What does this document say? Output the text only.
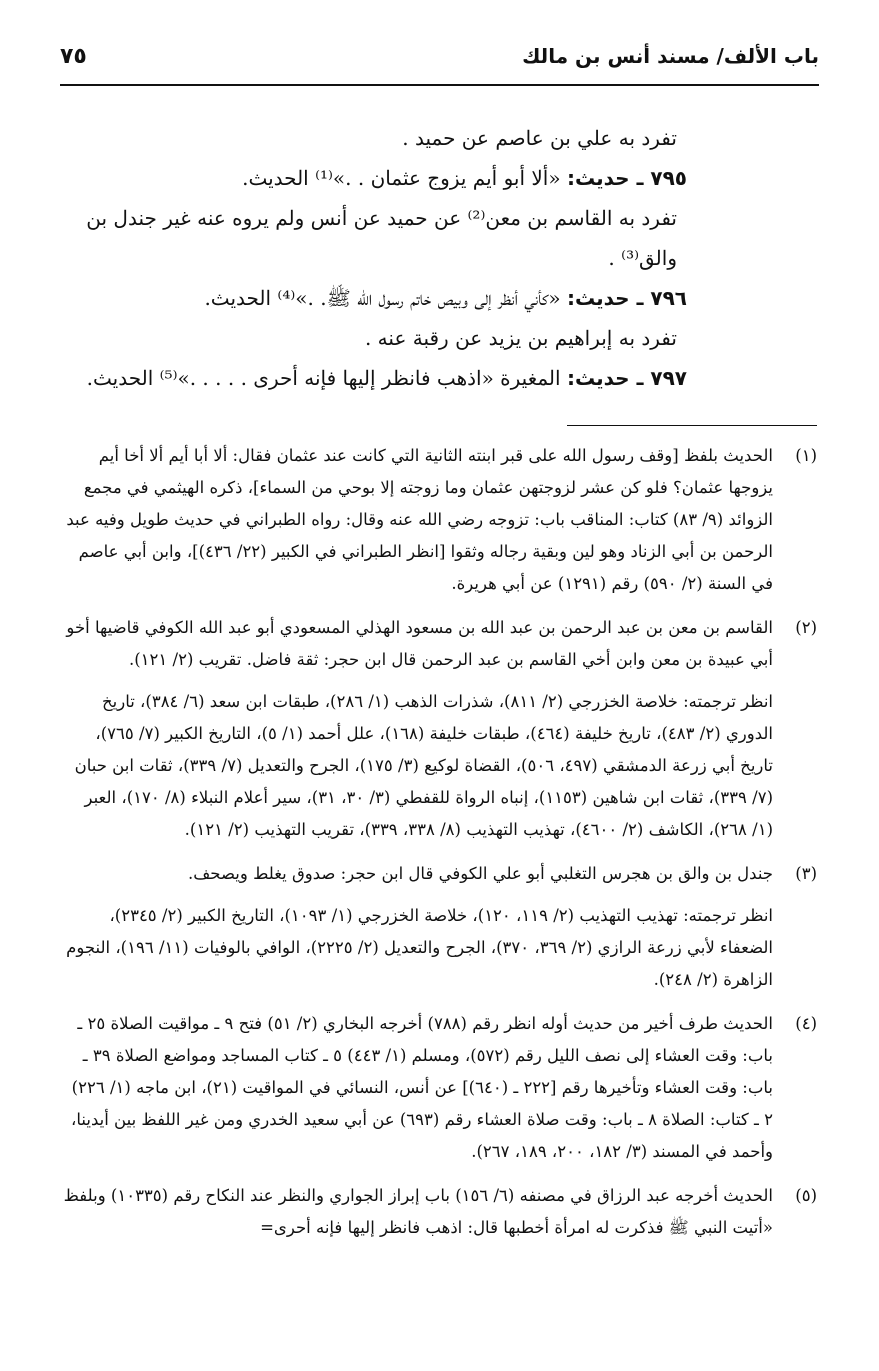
باب الألف/ مسند أنس بن مالك
٧٥

تفرد به علي بن عاصم عن حميد .

٧٩٥ ـ حديث: «ألا أبو أيم يزوج عثمان . .»⁽¹⁾ الحديث.

تفرد به القاسم بن معن⁽²⁾ عن حميد عن أنس ولم يروه عنه غير جندل بن والق⁽³⁾ .

٧٩٦ ـ حديث: «كأني أنظر إلى وبيص خاتم رسول الله ﷺ. .»⁽⁴⁾ الحديث.

تفرد به إبراهيم بن يزيد عن رقبة عنه .

٧٩٧ ـ حديث: المغيرة «اذهب فانظر إليها فإنه أحرى . . . . .»⁽⁵⁾ الحديث.

(١)

الحديث بلفظ [وقف رسول الله على قبر ابنته الثانية التي كانت عند عثمان فقال: ألا أبا أيم ألا أخا أيم يزوجها عثمان؟ فلو كن عشر لزوجتهن عثمان وما زوجته إلا بوحي من السماء]، ذكره الهيثمي في مجمع الزوائد (٩/ ٨٣) كتاب: المناقب باب: تزوجه رضي الله عنه وقال: رواه الطبراني في حديث طويل وفيه عبد الرحمن بن أبي الزناد وهو لين وبقية رجاله وثقوا [انظر الطبراني في الكبير (٢٢/ ٤٣٦)]، وابن أبي عاصم في السنة (٢/ ٥٩٠) رقم (١٢٩١) عن أبي هريرة.

(٢)

القاسم بن معن بن عبد الرحمن بن عبد الله بن مسعود الهذلي المسعودي أبو عبد الله الكوفي قاضيها أخو أبي عبيدة بن معن وابن أخي القاسم بن عبد الرحمن قال ابن حجر: ثقة فاضل. تقريب (٢/ ١٢١).

انظر ترجمته: خلاصة الخزرجي (٢/ ٨١١)، شذرات الذهب (١/ ٢٨٦)، طبقات ابن سعد (٦/ ٣٨٤)، تاريخ الدوري (٢/ ٤٨٣)، تاريخ خليفة (٤٦٤)، طبقات خليفة (١٦٨)، علل أحمد (١/ ٥)، التاريخ الكبير (٧/ ٧٦٥)، تاريخ أبي زرعة الدمشقي (٤٩٧، ٥٠٦)، القضاة لوكيع (٣/ ١٧٥)، الجرح والتعديل (٧/ ٣٣٩)، ثقات ابن حبان (٧/ ٣٣٩)، ثقات ابن شاهين (١١٥٣)، إنباه الرواة للقفطي (٣/ ٣٠، ٣١)، سير أعلام النبلاء (٨/ ١٧٠)، العبر (١/ ٢٦٨)، الكاشف (٢/ ٤٦٠٠)، تهذيب التهذيب (٨/ ٣٣٨، ٣٣٩)، تقريب التهذيب (٢/ ١٢١).

(٣)

جندل بن والق بن هجرس التغلبي أبو علي الكوفي قال ابن حجر: صدوق يغلط ويصحف.

انظر ترجمته: تهذيب التهذيب (٢/ ١١٩، ١٢٠)، خلاصة الخزرجي (١/ ١٠٩٣)، التاريخ الكبير (٢/ ٢٣٤٥)، الضعفاء لأبي زرعة الرازي (٢/ ٣٦٩، ٣٧٠)، الجرح والتعديل (٢/ ٢٢٢٥)، الوافي بالوفيات (١١/ ١٩٦)، النجوم الزاهرة (٢/ ٢٤٨).

(٤)

الحديث طرف أخير من حديث أوله انظر رقم (٧٨٨) أخرجه البخاري (٢/ ٥١) فتح ٩ ـ مواقيت الصلاة ٢٥ ـ باب: وقت العشاء إلى نصف الليل رقم (٥٧٢)، ومسلم (١/ ٤٤٣) ٥ ـ كتاب المساجد ومواضع الصلاة ٣٩ ـ باب: وقت العشاء وتأخيرها رقم [٢٢٢ ـ (٦٤٠)] عن أنس، النسائي في المواقيت (٢١)، ابن ماجه (١/ ٢٢٦) ٢ ـ كتاب: الصلاة ٨ ـ باب: وقت صلاة العشاء رقم (٦٩٣) عن أبي سعيد الخدري ومن غير اللفظ بين أيدينا، وأحمد في المسند (٣/ ١٨٢، ٢٠٠، ١٨٩، ٢٦٧).

(٥)

الحديث أخرجه عبد الرزاق في مصنفه (٦/ ١٥٦) باب إبراز الجواري والنظر عند النكاح رقم (١٠٣٣٥) وبلفظ «أتيت النبي ﷺ فذكرت له امرأة أخطبها قال: اذهب فانظر إليها فإنه أحرى=
